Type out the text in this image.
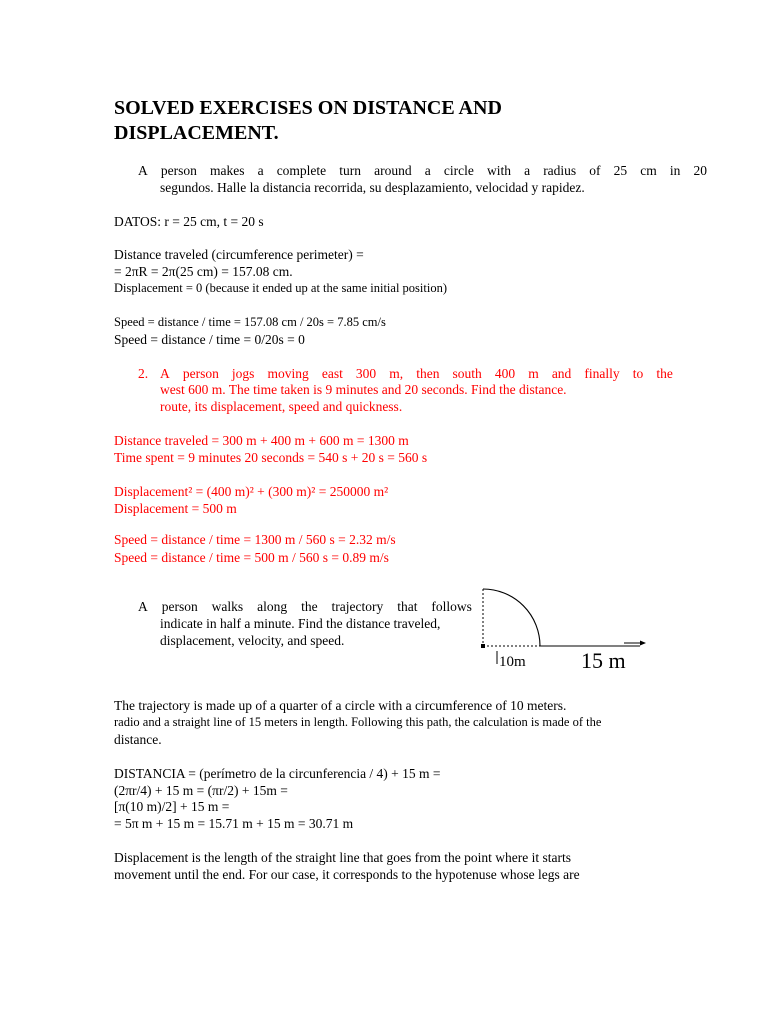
SOLVED EXERCISES ON DISTANCE AND
DISPLACEMENT.
A person makes a complete turn around a circle with a radius of 25 cm in 20
segundos. Halle la distancia recorrida, su desplazamiento, velocidad y rapidez.
DATOS: r = 25 cm, t = 20 s
Distance traveled (circumference perimeter) =
= 2πR = 2π(25 cm) = 157.08 cm.
Displacement = 0 (because it ended up at the same initial position)
Speed = distance / time = 157.08 cm / 20s = 7.85 cm/s
Speed = distance / time = 0/20s = 0
2. A person jogs moving east 300 m, then south 400 m and finally to the
west 600 m. The time taken is 9 minutes and 20 seconds. Find the distance.
route, its displacement, speed and quickness.
Distance traveled = 300 m + 400 m + 600 m = 1300 m
Time spent = 9 minutes 20 seconds = 540 s + 20 s = 560 s
Displacement² = (400 m)² + (300 m)² = 250000 m²
Displacement = 500 m
Speed = distance / time = 1300 m / 560 s = 2.32 m/s
Speed = distance / time = 500 m / 560 s = 0.89 m/s
A person walks along the trajectory that follows
indicate in half a minute. Find the distance traveled,
displacement, velocity, and speed.
10m	15 m
The trajectory is made up of a quarter of a circle with a circumference of 10 meters.
radio and a straight line of 15 meters in length. Following this path, the calculation is made of the
distance.
DISTANCIA = (perímetro de la circunferencia / 4) + 15 m =
(2πr/4) + 15 m = (πr/2) + 15m =
[π(10 m)/2] + 15 m =
= 5π m + 15 m = 15.71 m + 15 m = 30.71 m
Displacement is the length of the straight line that goes from the point where it starts
movement until the end. For our case, it corresponds to the hypotenuse whose legs are
